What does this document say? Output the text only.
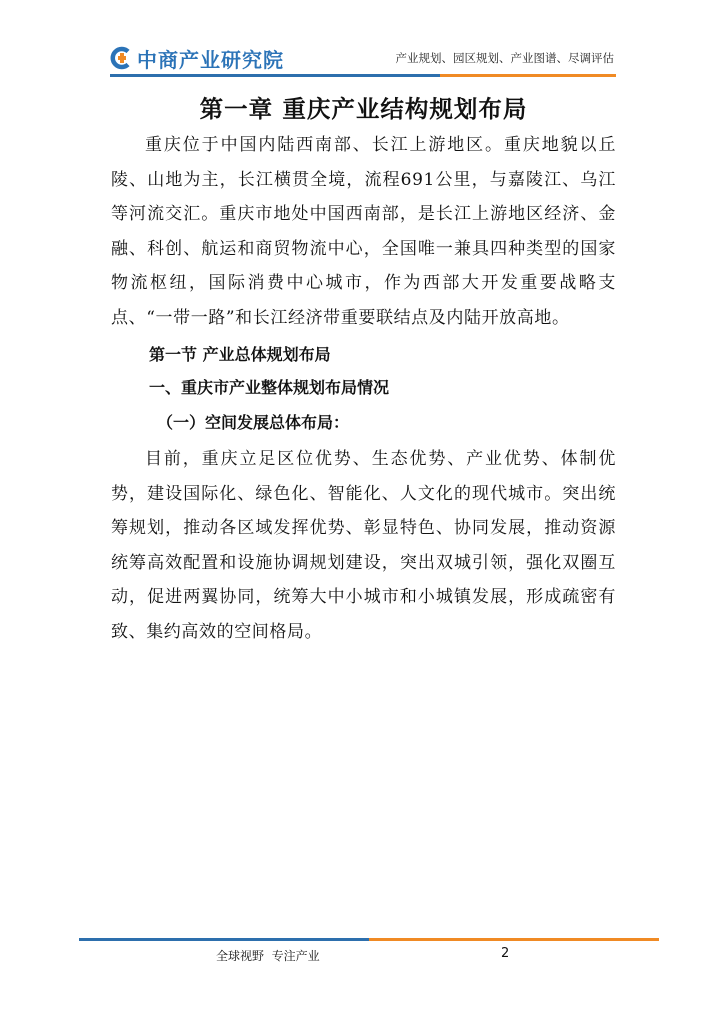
中商产业研究院	产业规划、园区规划、产业图谱、尽调评估
第一章 重庆产业结构规划布局

重庆位于中国内陆西南部、长江上游地区。重庆地貌以丘陵、山地为主，长江横贯全境，流程691公里，与嘉陵江、乌江等河流交汇。重庆市地处中国西南部，是长江上游地区经济、金融、科创、航运和商贸物流中心，全国唯一兼具四种类型的国家物流枢纽，国际消费中心城市，作为西部大开发重要战略支点、“一带一路”和长江经济带重要联结点及内陆开放高地。

第一节 产业总体规划布局
一、重庆市产业整体规划布局情况
（一）空间发展总体布局：

目前，重庆立足区位优势、生态优势、产业优势、体制优势，建设国际化、绿色化、智能化、人文化的现代城市。突出统筹规划，推动各区域发挥优势、彰显特色、协同发展，推动资源统筹高效配置和设施协调规划建设，突出双城引领，强化双圈互动，促进两翼协同，统筹大中小城市和小城镇发展，形成疏密有致、集约高效的空间格局。

全球视野  专注产业	2
